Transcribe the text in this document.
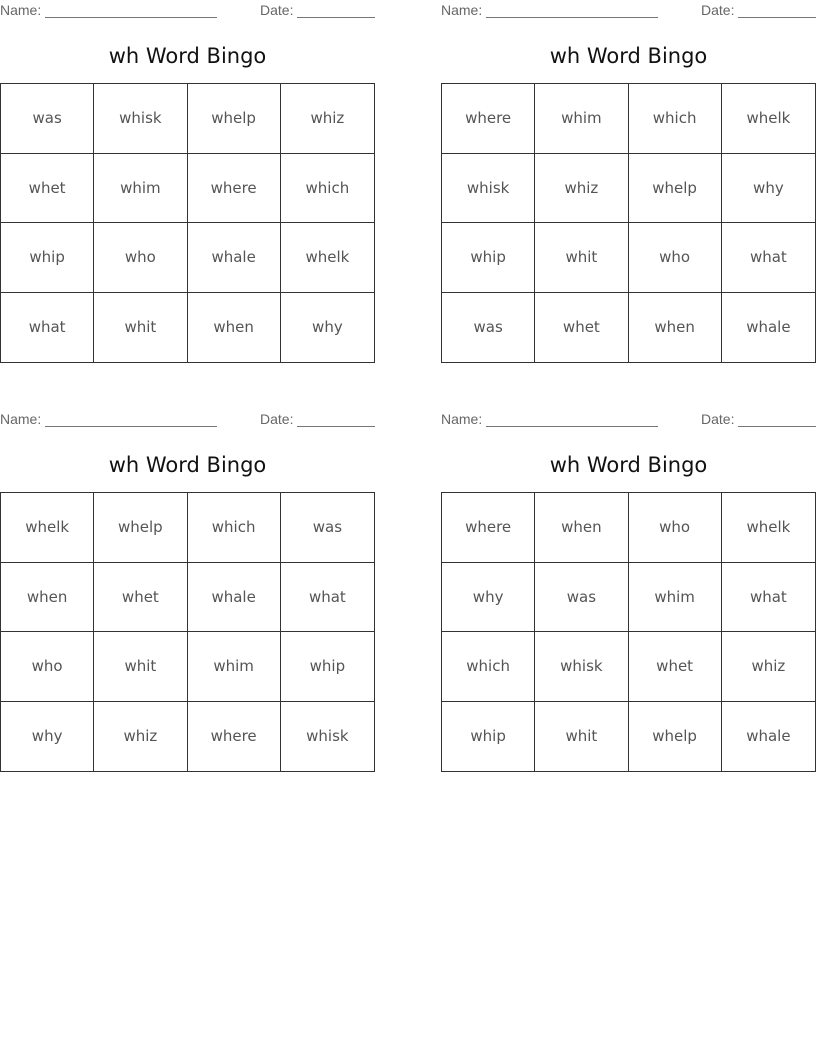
Name:	Date:
wh Word Bingo
was	whisk	whelp	whiz
whet	whim	where	which
whip	who	whale	whelk
what	whit	when	why
Name:	Date:
wh Word Bingo
where	whim	which	whelk
whisk	whiz	whelp	why
whip	whit	who	what
was	whet	when	whale
Name:	Date:
wh Word Bingo
whelk	whelp	which	was
when	whet	whale	what
who	whit	whim	whip
why	whiz	where	whisk
Name:	Date:
wh Word Bingo
where	when	who	whelk
why	was	whim	what
which	whisk	whet	whiz
whip	whit	whelp	whale
